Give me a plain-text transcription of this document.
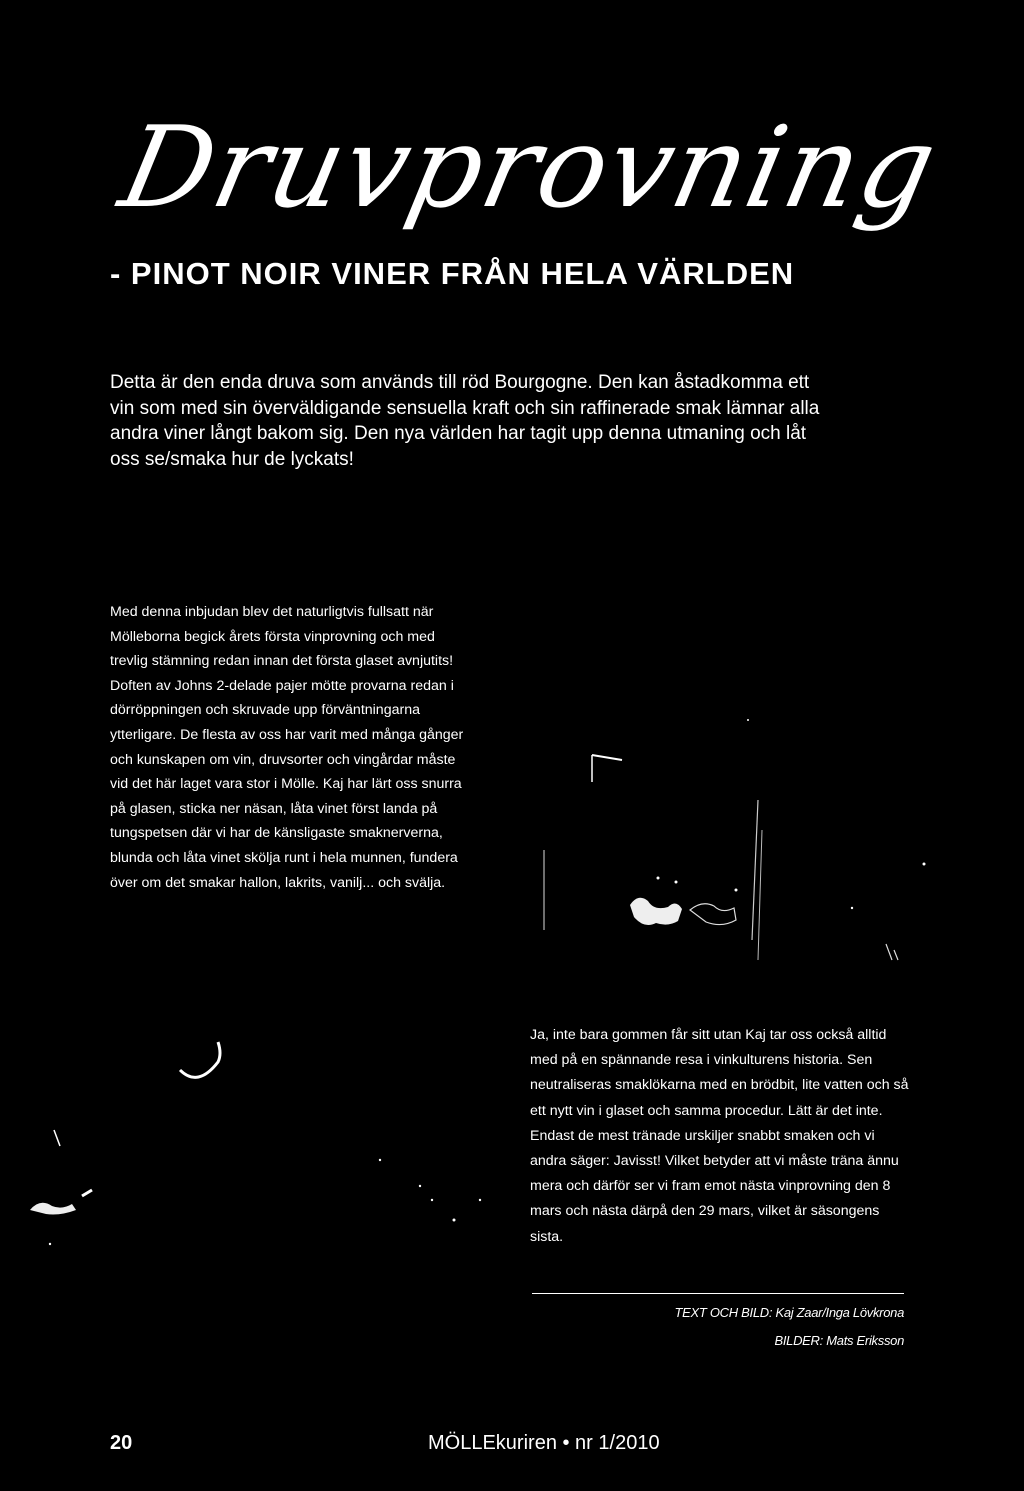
Druvprovning
- PINOT NOIR VINER FRÅN HELA VÄRLDEN

Detta är den enda druva som används till röd Bourgogne. Den kan åstadkomma ett vin som med sin överväldigande sensuella kraft och sin raffinerade smak lämnar alla andra viner långt bakom sig. Den nya världen har tagit upp denna utmaning och låt oss se/smaka hur de lyckats!

Med denna inbjudan blev det naturligtvis fullsatt när Mölleborna begick årets första vinprovning och med trevlig stämning redan innan det första glaset avnjutits! Doften av Johns 2-delade pajer mötte provarna redan i dörröppningen och skruvade upp förväntningarna ytterligare. De flesta av oss har varit med många gånger och kunskapen om vin, druvsorter och vingårdar måste vid det här laget vara stor i Mölle. Kaj har lärt oss snurra på glasen, sticka ner näsan, låta vinet först landa på tungspetsen där vi har de känsligaste smaknerverna, blunda och låta vinet skölja runt i hela munnen, fundera över om det smakar hallon, lakrits, vanilj... och svälja.

Ja, inte bara gommen får sitt utan Kaj tar oss också alltid med på en spännande resa i vinkulturens historia. Sen neutraliseras smaklökarna med en brödbit, lite vatten och så ett nytt vin i glaset och samma procedur. Lätt är det inte. Endast de mest tränade urskiljer snabbt smaken och vi andra säger: Javisst! Vilket betyder att vi måste träna ännu mera och därför ser vi fram emot nästa vinprovning den 8 mars och nästa därpå den 29 mars, vilket är säsongens sista.

TEXT OCH BILD: Kaj Zaar/Inga Lövkrona

BILDER: Mats Eriksson

20	MÖLLEkuriren • nr 1/2010
